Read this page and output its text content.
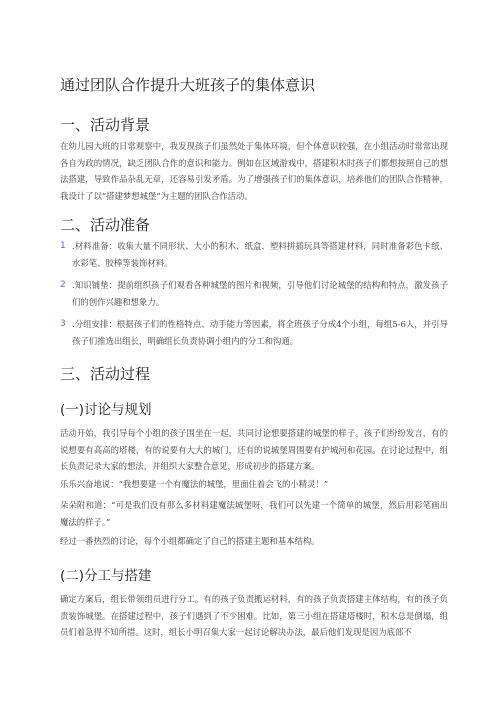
通过团队合作提升大班孩子的集体意识
一、活动背景

在幼儿园大班的日常观察中，我发现孩子们虽然处于集体环境，但个体意识较强，在小组活动时常常出现各自为政的情况，缺乏团队合作的意识和能力。例如在区域游戏中，搭建积木时孩子们都想按照自己的想法搭建，导致作品杂乱无章，还容易引发矛盾。为了增强孩子们的集体意识，培养他们的团队合作精神，我设计了以“搭建梦想城堡”为主题的团队合作活动。

二、活动准备
1 .材料准备：收集大量不同形状、大小的积木、纸盒、塑料拼插玩具等搭建材料，同时准备彩色卡纸、水彩笔、胶棒等装饰材料。
2 .知识铺垫：提前组织孩子们观看各种城堡的图片和视频，引导他们讨论城堡的结构和特点，激发孩子们的创作兴趣和想象力。
3 .分组安排：根据孩子们的性格特点、动手能力等因素，将全班孩子分成4个小组，每组5-6人，并引导孩子们推选出组长，明确组长负责协调小组内的分工和沟通。
三、活动过程
(一)讨论与规划

活动开始，我引导每个小组的孩子围坐在一起，共同讨论想要搭建的城堡的样子。孩子们纷纷发言，有的说想要有高高的塔楼，有的说要有大大的城门，还有的说城堡周围要有护城河和花园。在讨论过程中，组长负责记录大家的想法，并组织大家整合意见，形成初步的搭建方案。

乐乐兴奋地说：“我想要建一个有魔法的城堡，里面住着会飞的小精灵！”

朵朵附和道：“可是我们没有那么多材料建魔法城堡呀，我们可以先建一个简单的城堡，然后用彩笔画出魔法的样子。”

经过一番热烈的讨论，每个小组都确定了自己的搭建主题和基本结构。

(二)分工与搭建

确定方案后，组长带领组员进行分工。有的孩子负责搬运材料，有的孩子负责搭建主体结构，有的孩子负责装饰城堡。在搭建过程中，孩子们遇到了不少困难。比如，第三小组在搭建塔楼时，积木总是倒塌，组员们着急得不知所措。这时，组长小明召集大家一起讨论解决办法，最后他们发现是因为底部不
